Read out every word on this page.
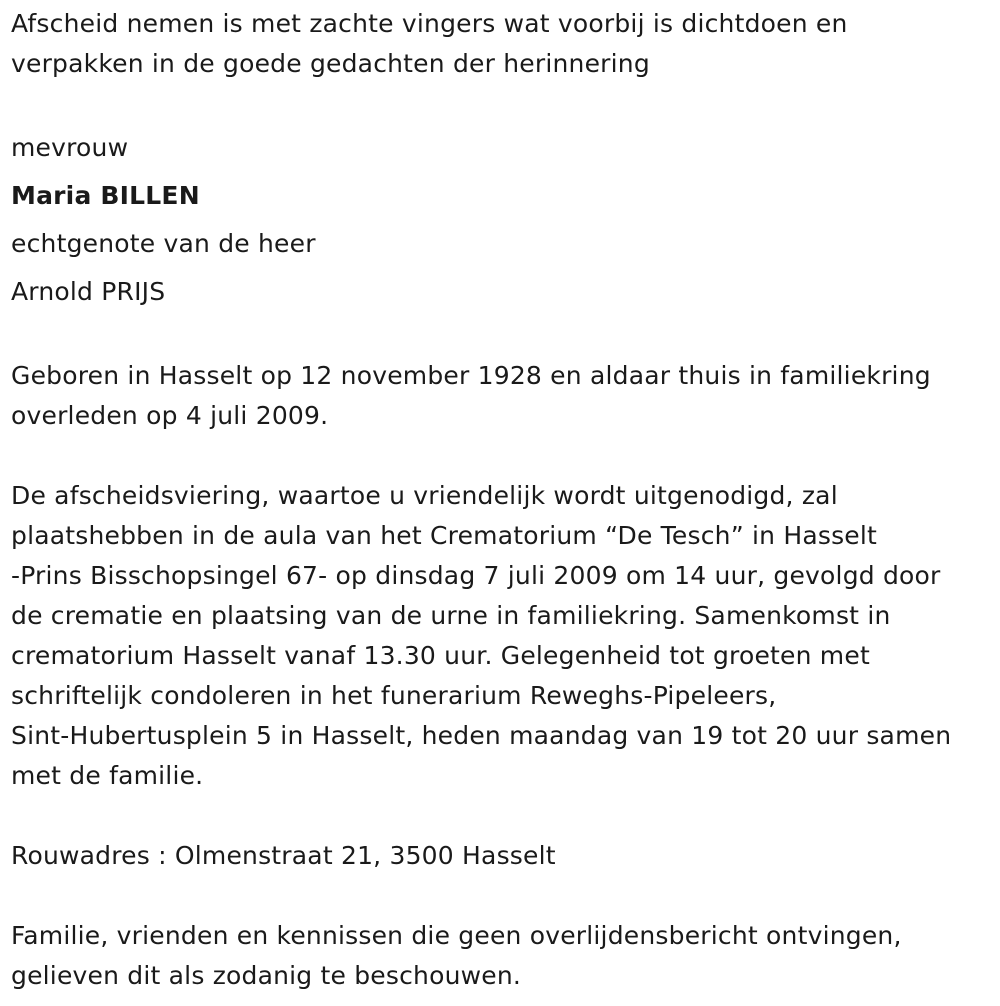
Afscheid nemen is met zachte vingers wat voorbij is dichtdoen en
verpakken in de goede gedachten der herinnering

mevrouw
Maria BILLEN
echtgenote van de heer
Arnold PRIJS

Geboren in Hasselt op 12 november 1928 en aldaar thuis in familiekring
overleden op 4 juli 2009.

De afscheidsviering, waartoe u vriendelijk wordt uitgenodigd, zal
plaatshebben in de aula van het Crematorium “De Tesch” in Hasselt
-Prins Bisschopsingel 67- op dinsdag 7 juli 2009 om 14 uur, gevolgd door
de crematie en plaatsing van de urne in familiekring. Samenkomst in
crematorium Hasselt vanaf 13.30 uur. Gelegenheid tot groeten met
schriftelijk condoleren in het funerarium Reweghs-Pipeleers,
Sint-Hubertusplein 5 in Hasselt, heden maandag van 19 tot 20 uur samen
met de familie.

Rouwadres : Olmenstraat 21, 3500 Hasselt

Familie, vrienden en kennissen die geen overlijdensbericht ontvingen,
gelieven dit als zodanig te beschouwen.
